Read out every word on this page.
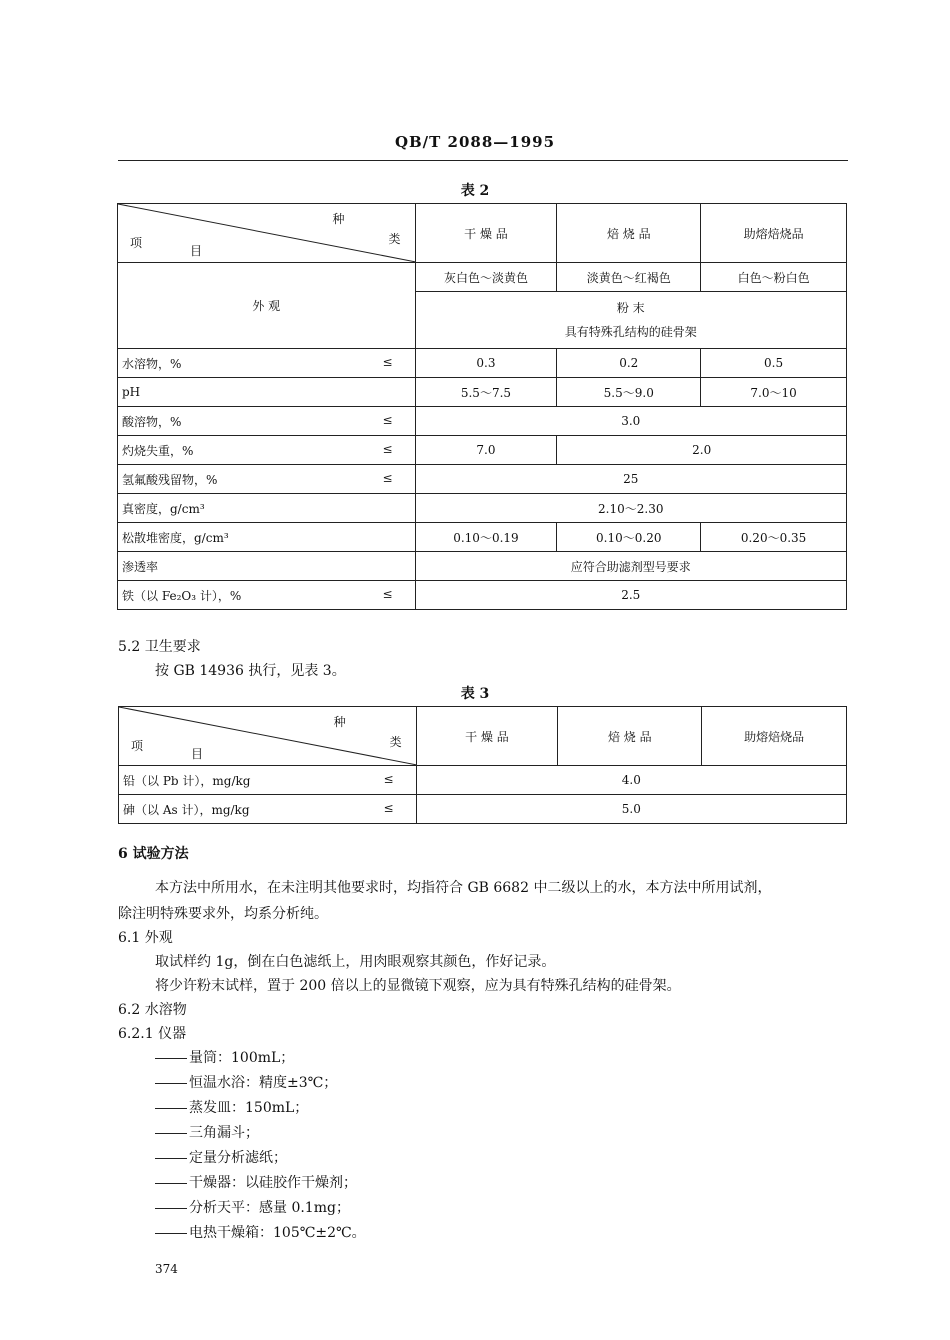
QB/T 2088—1995
表 2
种
类
项
目	干 燥 品	焙 烧 品	助熔焙烧品
外 观	灰白色～淡黄色	淡黄色～红褐色	白色～粉白色

	粉 末
具有特殊孔结构的硅骨架		

水溶物，% ≤	0.3	0.2	0.5
pH	5.5～7.5	5.5～9.0	7.0～10
酸溶物，% ≤	3.0		
灼烧失重，% ≤	7.0	2.0	
氢氟酸残留物，% ≤	25		
真密度，g/cm³	2.10～2.30		
松散堆密度，g/cm³	0.10～0.19	0.10～0.20	0.20～0.35
渗透率	应符合助滤剂型号要求		
铁（以 Fe₂O₃ 计），% ≤	2.5		
5.2 卫生要求
按 GB 14936 执行，见表 3。
表 3
种
类
项
目	干 燥 品	焙 烧 品	助熔焙烧品
铅（以 Pb 计），mg/kg ≤	4.0		
砷（以 As 计），mg/kg ≤	5.0		
6 试验方法
本方法中所用水，在未注明其他要求时，均指符合 GB 6682 中二级以上的水，本方法中所用试剂，
除注明特殊要求外，均系分析纯。
6.1 外观
取试样约 1g，倒在白色滤纸上，用肉眼观察其颜色，作好记录。
将少许粉末试样，置于 200 倍以上的显微镜下观察，应为具有特殊孔结构的硅骨架。
6.2 水溶物
6.2.1 仪器
量筒：100mL；
恒温水浴：精度±3℃；
蒸发皿：150mL；
三角漏斗；
定量分析滤纸；
干燥器：以硅胶作干燥剂；
分析天平：感量 0.1mg；
电热干燥箱：105℃±2℃。
374
